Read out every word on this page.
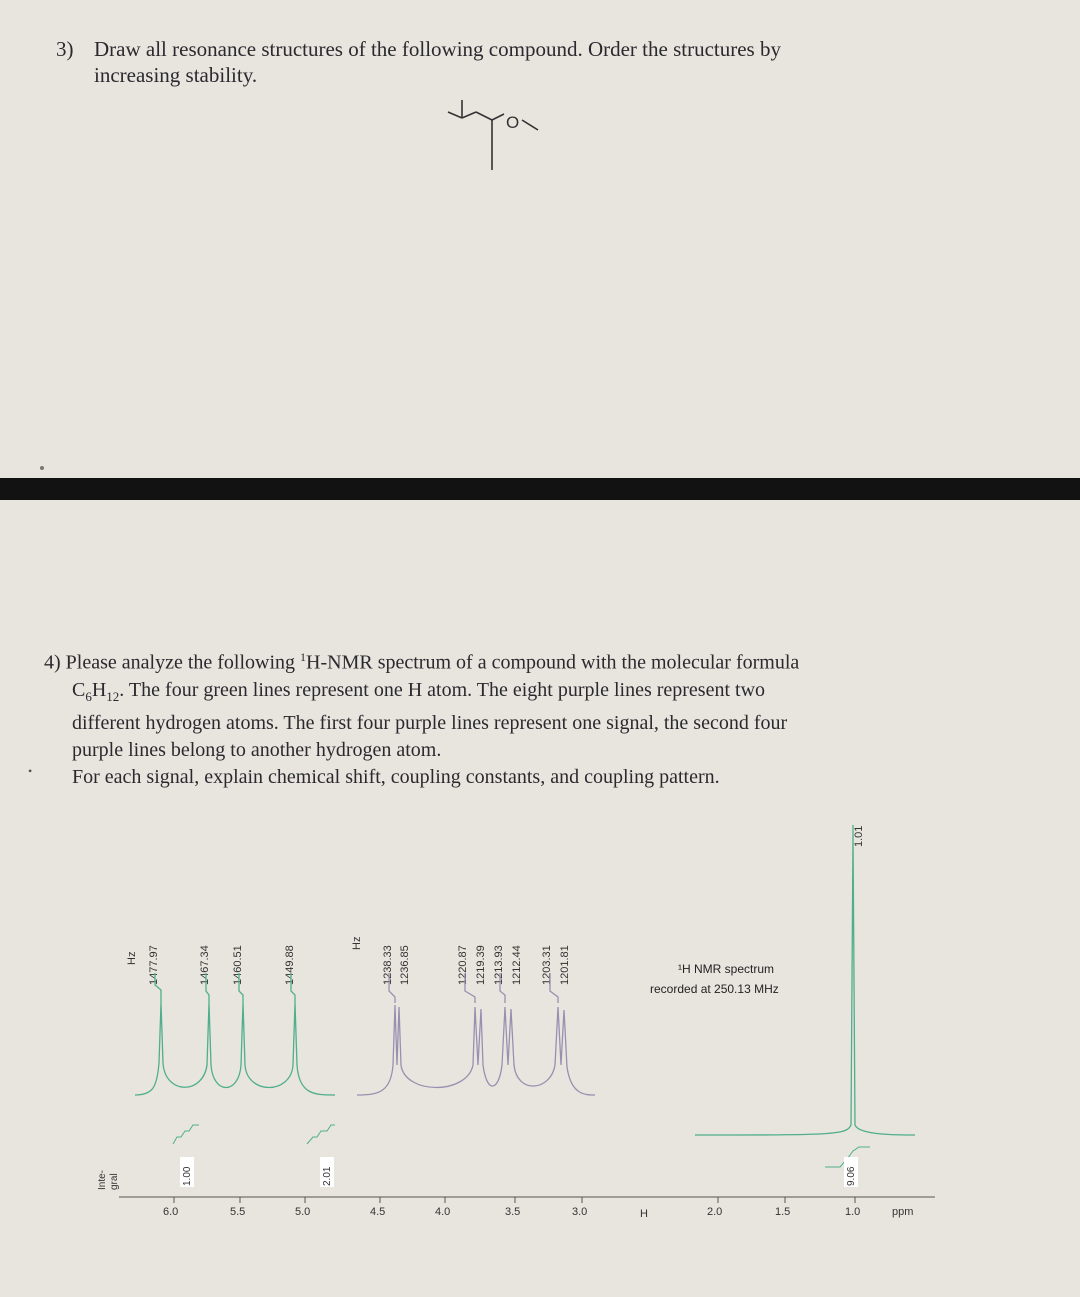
3) Draw all resonance structures of the following compound. Order the structures by
increasing stability.
O
4) Please analyze the following $^1$H-NMR spectrum of a compound with the molecular formula
$C_6H_{12}$. The four green lines represent one H atom. The eight purple lines represent two
different hydrogen atoms. The first four purple lines represent one signal, the second four
purple lines belong to another hydrogen atom.
For each signal, explain chemical shift, coupling constants, and coupling pattern.
•
Inte- gral
Hz
Hz
1477.97	1467.34 1460.51	1449.88	1238.33 1236.85	1220.87 1219.39 1213.93 1212.44 1203.31 1201.81
1.01
¹H NMR spectrum
recorded at 250.13 MHz
1.00	2.01	9.06
6.0	5.5	5.0	4.5	4.0	3.5	3.0	H	2.0	1.5	1.0	ppm
